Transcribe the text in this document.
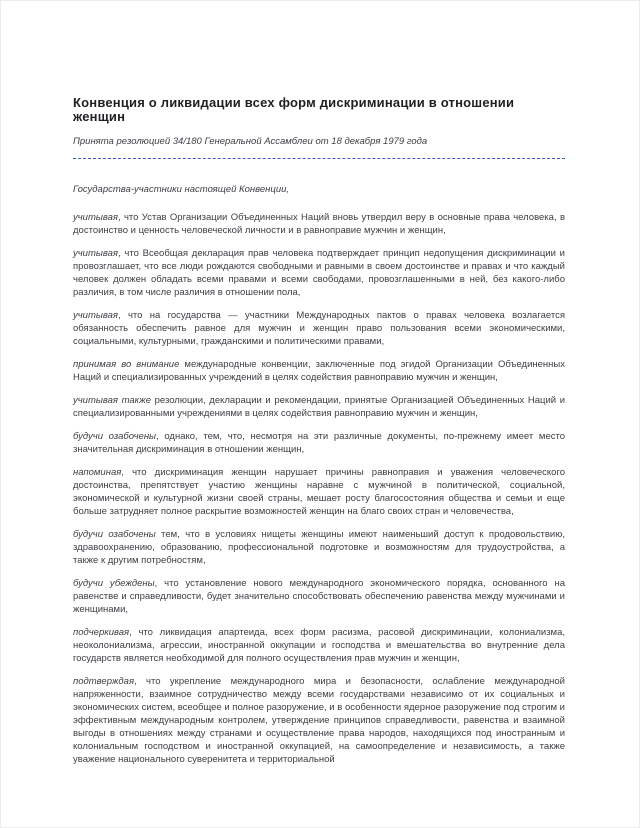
Конвенция о ликвидации всех форм дискриминации в отношении женщин

Принята резолюцией 34/180 Генеральной Ассамблеи от 18 декабря 1979 года

Государства-участники настоящей Конвенции,

учитывая, что Устав Организации Объединенных Наций вновь утвердил веру в основные права человека, в достоинство и ценность человеческой личности и в равноправие мужчин и женщин,

учитывая, что Всеобщая декларация прав человека подтверждает принцип недопущения дискриминации и провозглашает, что все люди рождаются свободными и равными в своем достоинстве и правах и что каждый человек должен обладать всеми правами и всеми свободами, провозглашенными в ней, без какого-либо различия, в том числе различия в отношении пола,

учитывая, что на государства — участники Международных пактов о правах человека возлагается обязанность обеспечить равное для мужчин и женщин право пользования всеми экономическими, социальными, культурными, гражданскими и политическими правами,

принимая во внимание международные конвенции, заключенные под эгидой Организации Объединенных Наций и специализированных учреждений в целях содействия равноправию мужчин и женщин,

учитывая также резолюции, декларации и рекомендации, принятые Организацией Объединенных Наций и специализированными учреждениями в целях содействия равноправию мужчин и женщин,

будучи озабочены, однако, тем, что, несмотря на эти различные документы, по-прежнему имеет место значительная дискриминация в отношении женщин,

напоминая, что дискриминация женщин нарушает причины равноправия и уважения человеческого достоинства, препятствует участию женщины наравне с мужчиной в политической, социальной, экономической и культурной жизни своей страны, мешает росту благосостояния общества и семьи и еще больше затрудняет полное раскрытие возможностей женщин на благо своих стран и человечества,

будучи озабочены тем, что в условиях нищеты женщины имеют наименьший доступ к продовольствию, здравоохранению, образованию, профессиональной подготовке и возможностям для трудоустройства, а также к другим потребностям,

будучи убеждены, что установление нового международного экономического порядка, основанного на равенстве и справедливости, будет значительно способствовать обеспечению равенства между мужчинами и женщинами,

подчеркивая, что ликвидация апартеида, всех форм расизма, расовой дискриминации, колониализма, неоколониализма, агрессии, иностранной оккупации и господства и вмешательства во внутренние дела государств является необходимой для полного осуществления прав мужчин и женщин,

подтверждая, что укрепление международного мира и безопасности, ослабление международной напряженности, взаимное сотрудничество между всеми государствами независимо от их социальных и экономических систем, всеобщее и полное разоружение, и в особенности ядерное разоружение под строгим и эффективным международным контролем, утверждение принципов справедливости, равенства и взаимной выгоды в отношениях между странами и осуществление права народов, находящихся под иностранным и колониальным господством и иностранной оккупацией, на самоопределение и независимость, а также уважение национального суверенитета и территориальной
